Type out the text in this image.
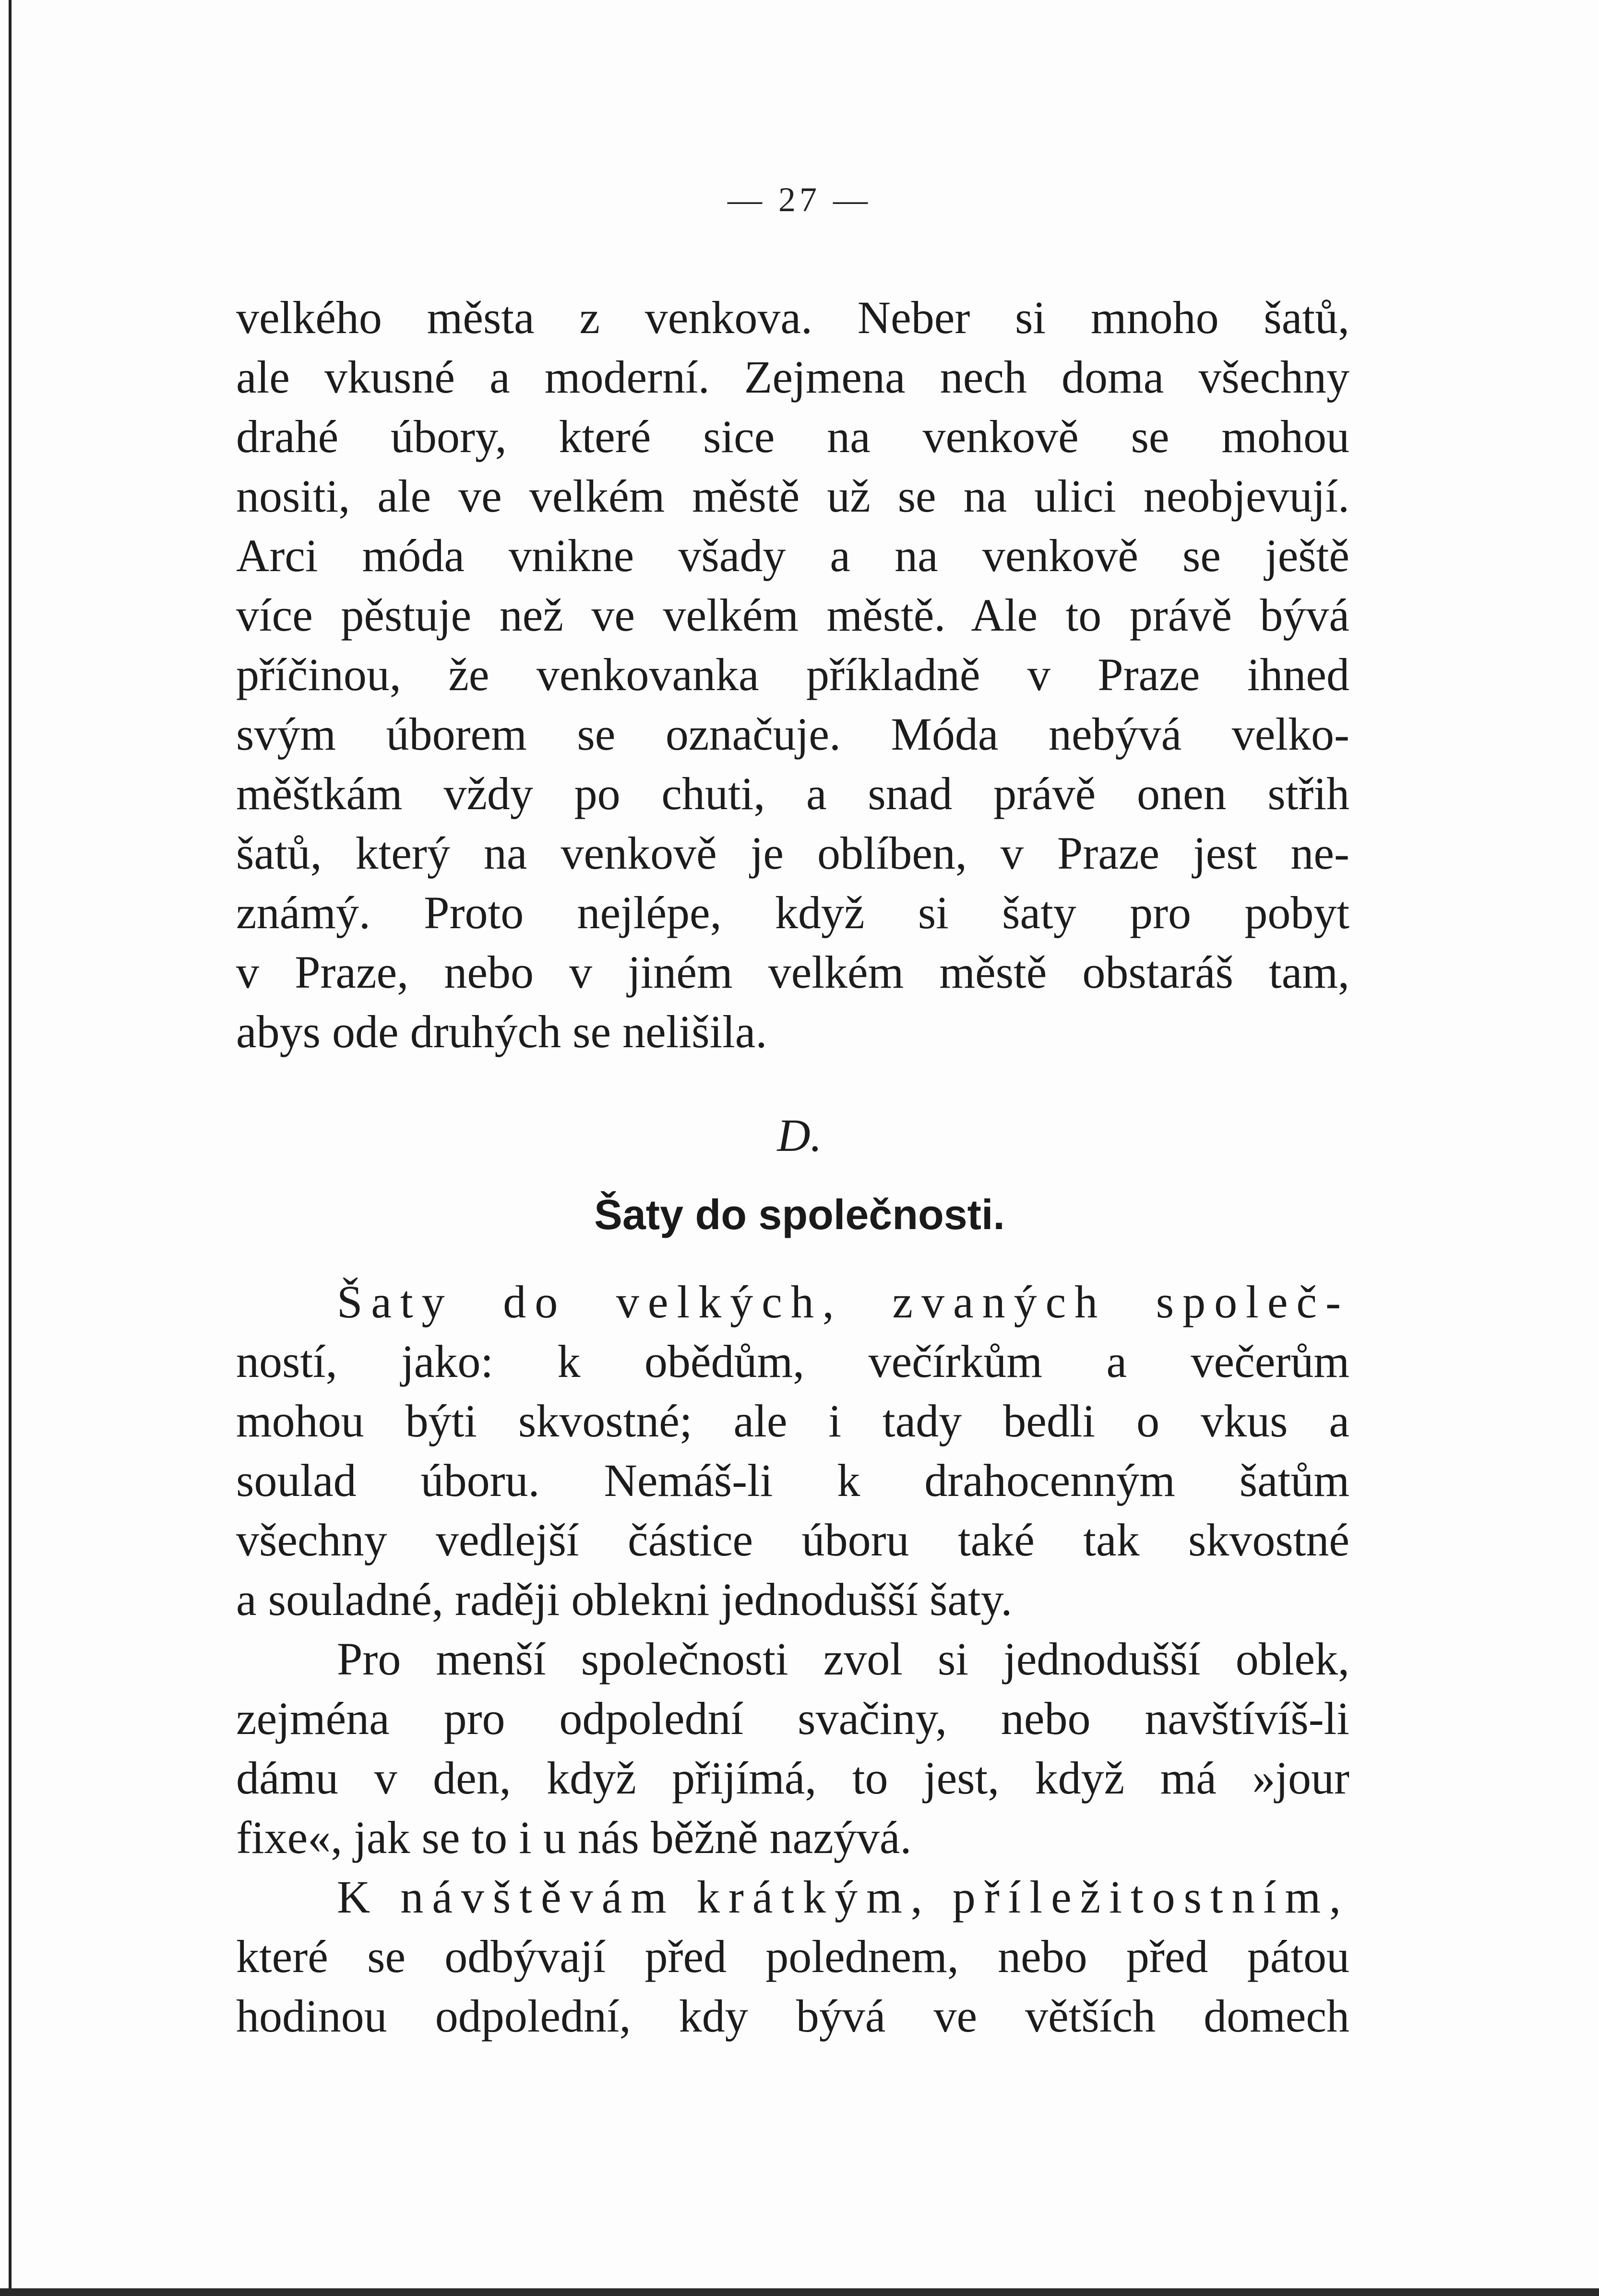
— 27 —
velkého města z venkova. Neber si mnoho šatů,
ale vkusné a moderní. Zejmena nech doma všechny
drahé úbory, které sice na venkově se mohou
nositi, ale ve velkém městě už se na ulici neobjevují.
Arci móda vnikne všady a na venkově se ještě
více pěstuje než ve velkém městě. Ale to právě bývá
příčinou, že venkovanka příkladně v Praze ihned
svým úborem se označuje. Móda nebývá velko-
měštkám vždy po chuti, a snad právě onen střih
šatů, který na venkově je oblíben, v Praze jest ne-
známý. Proto nejlépe, když si šaty pro pobyt
v Praze, nebo v jiném velkém městě obstaráš tam,
abys ode druhých se nelišila.
D.
Šaty do společnosti.
Šaty do velkých, zvaných společ-
ností, jako: k obědům, večírkům a večerům
mohou býti skvostné; ale i tady bedli o vkus a
soulad úboru. Nemáš-li k drahocenným šatům
všechny vedlejší částice úboru také tak skvostné
a souladné, raději oblekni jednodušší šaty.
Pro menší společnosti zvol si jednodušší oblek,
zejména pro odpolední svačiny, nebo navštívíš-li
dámu v den, když přijímá, to jest, když má »jour
fixe«, jak se to i u nás běžně nazývá.
K návštěvám krátkým, příležitostním,
které se odbývají před polednem, nebo před pátou
hodinou odpolední, kdy bývá ve větších domech
